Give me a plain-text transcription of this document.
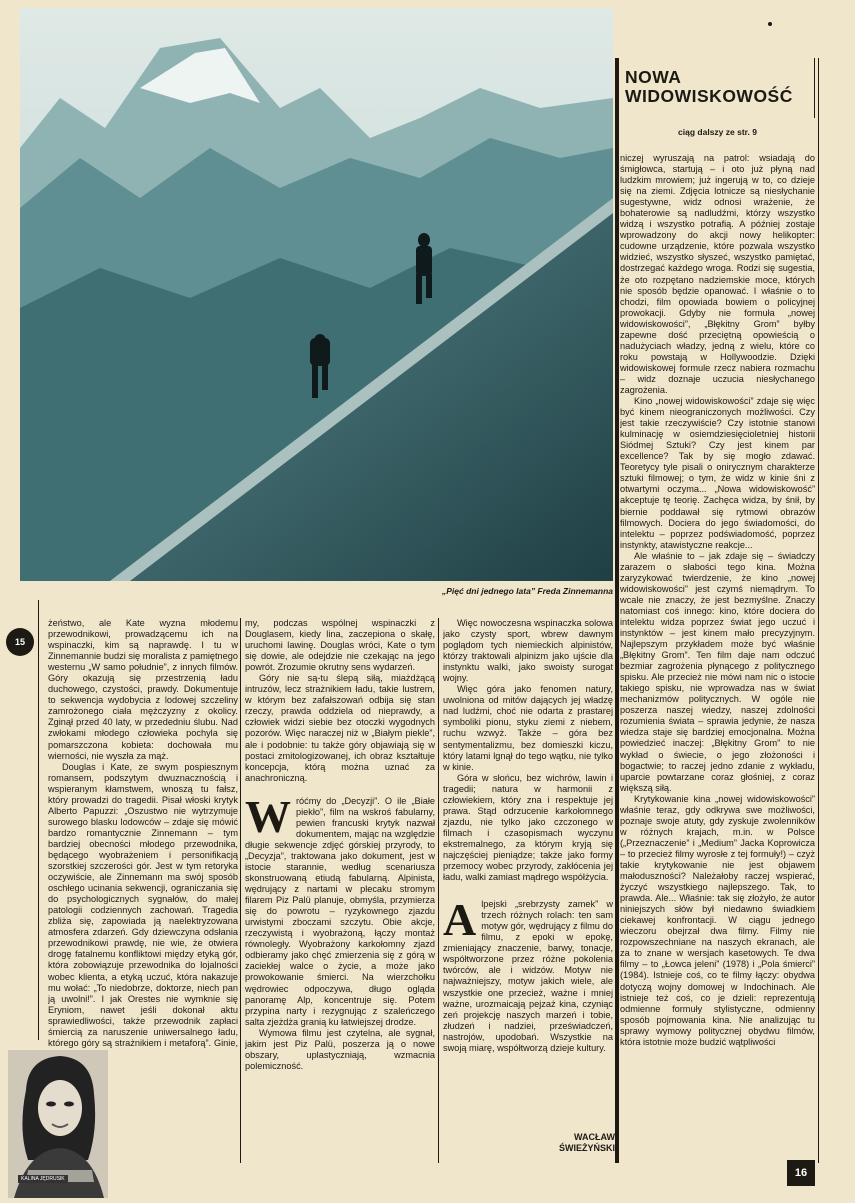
„Pięć dni jednego lata” Freda Zinnemanna

NOWA

WIDOWISKOWOŚĆ

ciąg dalszy ze str. 9

niczej wyruszają na patrol: wsiadają do śmigłowca, startują – i oto już płyną nad ludzkim mrowiem; już ingerują w to, co dzieje się na ziemi. Zdjęcia lotnicze są niesłychanie sugestywne, widz odnosi wrażenie, że bohaterowie są nadludźmi, którzy wszystko widzą i wszystko potrafią. A później zostaje wprowadzony do akcji nowy helikopter: cudowne urządzenie, które pozwala wszystko widzieć, wszystko słyszeć, wszystko pamiętać, dostrzegać każdego wroga. Rodzi się sugestia, że oto rozpętano nadziemskie moce, których nie sposób będzie opanować. I właśnie o to chodzi, film opowiada bowiem o policyjnej prowokacji. Gdyby nie formuła „nowej widowiskowości”, „Błękitny Grom” byłby zapewne dość przeciętną opowieścią o nadużyciach władzy, jedną z wielu, które co roku powstają w Hollywoodzie. Dzięki widowiskowej formule rzecz nabiera rozmachu – widz doznaje uczucia niesłychanego zagrożenia.

Kino „nowej widowiskowości” zdaje się więc być kinem nieograniczonych możliwości. Czy jest takie rzeczywiście? Czy istotnie stanowi kulminację w osiemdziesięcioletniej historii Siódmej Sztuki? Czy jest kinem par excellence? Tak by się mogło zdawać. Teoretycy tyle pisali o onirycznym charakterze sztuki filmowej; o tym, że widz w kinie śni z otwartymi oczyma... „Nowa widowiskowość” akceptuje tę teorię. Zachęca widza, by śnił, by biernie poddawał się rytmowi obrazów filmowych. Dociera do jego świadomości, do intelektu – poprzez podświadomość, poprzez instynkty, atawistyczne reakcje...

Ale właśnie to – jak zdaje się – świadczy zarazem o słabości tego kina. Można zaryzykować twierdzenie, że kino „nowej widowiskowości” jest czymś niemądrym. To wcale nie znaczy, że jest bezmyślne. Znaczy natomiast coś innego: kino, które dociera do intelektu widza poprzez świat jego uczuć i instynktów – jest kinem mało precyzyjnym. Najlepszym przykładem może być właśnie „Błękitny Grom”. Ten film daje nam odczuć bezmiar zagrożenia płynącego z politycznego spisku. Ale przecież nie mówi nam nic o istocie takiego spisku, nie wprowadza nas w świat mechanizmów politycznych. W ogóle nie poszerza naszej wiedzy, naszej zdolności rozumienia świata – sprawia jedynie, że nasza wiedza staje się bardziej emocjonalna. Można powiedzieć inaczej: „Błękitny Grom” to nie wykład o świecie, o jego złożoności i bogactwie; to raczej jedno zdanie z wykładu, uparcie powtarzane coraz głośniej, z coraz większą siłą.

Krytykowanie kina „nowej widowiskowości” właśnie teraz, gdy odkrywa swe możliwości, poznaje swoje atuty, gdy zyskuje zwolenników w różnych krajach, m.in. w Polsce („Przeznaczenie” i „Medium” Jacka Koprowicza – to przecież filmy wyrosłe z tej formuły!) – czyż takie krytykowanie nie jest objawem małoduszności? Należałoby raczej wspierać, życzyć wszystkiego najlepszego. Tak, to prawda. Ale... Właśnie: tak się złożyło, że autor niniejszych słów był niedawno świadkiem ciekawej konfrontacji. W ciągu jednego wieczoru obejrzał dwa filmy. Filmy nie rozpowszechniane na naszych ekranach, ale za to znane w wersjach kasetowych. Te dwa filmy – to „Łowca jeleni” (1978) i „Pola śmierci” (1984). Istnieje coś, co te filmy łączy: obydwa dotyczą wojny domowej w Indochinach. Ale istnieje też coś, co je dzieli: reprezentują odmienne formuły stylistyczne, odmienny sposób pojmowania kina. Nie analizując tu sprawy wymowy politycznej obydwu filmów, która istotnie może budzić wątpliwości

15

żeństwo, ale Kate wyzna młodemu przewodnikowi, prowadzącemu ich na wspinaczki, kim są naprawdę. I tu w Zinnemannie budzi się moralista z pamiętnego westernu „W samo południe”, z innych filmów. Góry okazują się przestrzenią ładu duchowego, czystości, prawdy. Dokumentuje to sekwencja wydobycia z lodowej szczeliny zamrożonego ciała mężczyzny z okolicy. Zginął przed 40 laty, w przededniu ślubu. Nad zwłokami młodego człowieka pochyla się pomarszczona kobieta: dochowała mu wierności, nie wyszła za mąż.

Douglas i Kate, ze swym pospiesznym romansem, podszytym dwuznacznością i wspieranym kłamstwem, wnoszą tu fałsz, który prowadzi do tragedii. Pisał włoski krytyk Alberto Papuzzi: „Oszustwo nie wytrzymuje surowego blasku lodowców – zdaje się mówić bardzo romantycznie Zinnemann – tym bardziej obecności młodego przewodnika, będącego wyobrażeniem i personifikacją szorstkiej szczerości gór. Jest w tym retoryka oczywiście, ale Zinnemann ma swój sposób oschłego ucinania sekwencji, ograniczania się do psychologicznych sygnałów, do małej patologii codziennych zachowań. Tragedia zbliża się, zapowiada ją naelektryzowana atmosfera zdarzeń. Gdy dziewczyna odsłania przewodnikowi prawdę, nie wie, że otwiera drogę fatalnemu konfliktowi między etyką gór, która zobowiązuje przewodnika do lojalności wobec klienta, a etyką uczuć, która nakazuje mu wołać: „To niedobrze, doktorze, niech pan ją uwolni!”. I jak Orestes nie wymknie się Eryniom, nawet jeśli dokonał aktu sprawiedliwości, także przewodnik zapłaci śmiercią za naruszenie uniwersalnego ładu, którego góry są strażnikiem i metaforą”. Ginie,

my, podczas wspólnej wspinaczki z Douglasem, kiedy lina, zaczepiona o skałę, uruchomi lawinę. Douglas wróci, Kate o tym się dowie, ale odejdzie nie czekając na jego powrót. Zrozumie okrutny sens wydarzeń.

Góry nie są-tu ślepą siłą, miażdżącą intruzów, lecz strażnikiem ładu, takie lustrem, w którym bez zafałszowań odbija się stan rzeczy, prawda oddziela od nieprawdy, a człowiek widzi siebie bez otoczki wygodnych pozorów. Więc naraczej niż w „Białym piekle”, ale i podobnie: tu także góry objawiają się w postaci zmitologizowanej, ich obraz kształtuje koncepcja, którą można uznać za anachroniczną.

Wróćmy do „Decyzji”. O ile „Białe piekło”, film na wskroś fabularny, pewien francuski krytyk nazwał dokumentem, mając na względzie długie sekwencje zdjęć górskiej przyrody, to „Decyzja”, traktowana jako dokument, jest w istocie starannie, według scenariusza skonstruowaną etiudą fabularną. Alpinista, wędrujący z nartami w plecaku stromym filarem Piz Palü planuje, obmyśla, przymierza się do powrotu – ryzykownego zjazdu urwistymi zboczami szczytu. Obie akcje, rzeczywistą i wyobrażoną, łączy montaż równoległy. Wyobrażony karkołomny zjazd odbieramy jako chęć zmierzenia się z górą w zaciekłej walce o życie, a może jako prowokowanie śmierci. Na wierzchołku wędrowiec odpoczywa, długo ogląda panoramę Alp, koncentruje się. Potem przypina narty i rezygnując z szaleńczego salta zjeżdża granią ku łatwiejszej drodze.

Wymowa filmu jest czytelna, ale sygnał, jakim jest Piz Palü, poszerza ją o nowe obszary, uplastyczniają, wzmacnia polemiczność.

Więc nowoczesna wspinaczka solowa jako czysty sport, wbrew dawnym poglądom tych niemieckich alpinistów, którzy traktowali alpinizm jako ujście dla instynktu walki, jako swoisty surogat wojny.

Więc góra jako fenomen natury, uwolniona od mitów dających jej władzę nad ludźmi, choć nie odarta z prastarej symboliki pionu, styku ziemi z niebem, ruchu wzwyż. Także – góra bez sentymentalizmu, bez domieszki kiczu, który latami lgnął do tego wątku, nie tylko w kinie.

Góra w słońcu, bez wichrów, lawin i tragedii; natura w harmonii z człowiekiem, który zna i respektuje jej prawa. Stąd odrzucenie karkołomnego zjazdu, nie tylko jako czczonego w filmach i czasopismach wyczynu ekstremalnego, za którym kryją się najczęściej pieniądze; także jako formy przemocy wobec przyrody, zakłócenia jej ładu, walki zamiast mądrego współżycia.

Alpejski „srebrzysty zamek” w trzech różnych rolach: ten sam motyw gór, wędrujący z filmu do filmu, z epoki w epokę, zmieniający znaczenie, barwy, tonacje, współtworzone przez różne pokolenia twórców, ale i widzów. Motyw nie najważniejszy, motyw jakich wiele, ale wszystkie one przecież, ważne i mniej ważne, urozmaicają pejzaż kina, czyniąc zeń projekcję naszych marzeń i tobie, złudzeń i nadziei, przeświadczeń, nastrojów, upodobań. Wszystkie na swoją miarę, współtworzą dzieje kultury.

WACŁAW
ŚWIEŻYŃSKI
KALINA JĘDRUSIK	16
